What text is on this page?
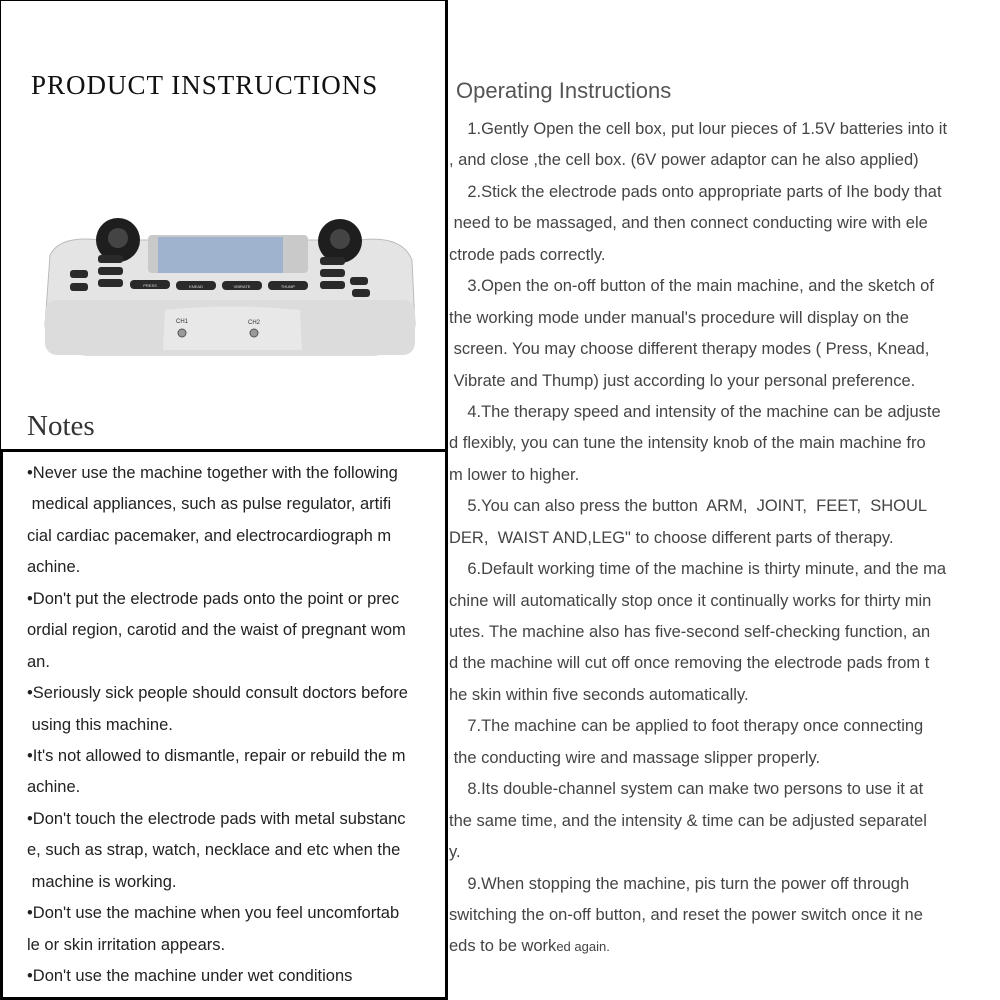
PRODUCT INSTRUCTIONS
PRESS	KNEAD	VIBRATE	THUMP
CH1	CH2
Notes
•Never use the machine together with the following
medical appliances, such as pulse regulator, artifi
cial cardiac pacemaker, and electrocardiograph m
achine.
•Don't put the electrode pads onto the point or prec
ordial region, carotid and the waist of pregnant wom
an.
•Seriously sick people should consult doctors before
using this machine.
•It's not allowed to dismantle, repair or rebuild the m
achine.
•Don't touch the electrode pads with metal substanc
e, such as strap, watch, necklace and etc when the
machine is working.
•Don't use the machine when you feel uncomfortab
le or skin irritation appears.
•Don't use the machine under wet conditions
Operating Instructions
1.Gently Open the cell box, put lour pieces of 1.5V batteries into it
, and close ,the cell box. (6V power adaptor can he also applied)
2.Stick the electrode pads onto appropriate parts of Ihe body that
need to be massaged, and then connect conducting wire with ele
ctrode pads correctly.
3.Open the on-off button of the main machine, and the sketch of
the working mode under manual's procedure will display on the
screen. You may choose different therapy modes ( Press, Knead,
Vibrate and Thump) just according lo your personal preference.
4.The therapy speed and intensity of the machine can be adjuste
d flexibly, you can tune the intensity knob of the main machine fro
m lower to higher.
5.You can also press the button  ARM,  JOINT,  FEET,  SHOUL
DER,  WAIST AND,LEG" to choose different parts of therapy.
6.Default working time of the machine is thirty minute, and the ma
chine will automatically stop once it continually works for thirty min
utes. The machine also has five-second self-checking function, an
d the machine will cut off once removing the electrode pads from t
he skin within five seconds automatically.
7.The machine can be applied to foot therapy once connecting
the conducting wire and massage slipper properly.
8.Its double-channel system can make two persons to use it at
the same time, and the intensity & time can be adjusted separatel
y.
9.When stopping the machine, pis turn the power off through
switching the on-off button, and reset the power switch once it ne
eds to be worked again.
